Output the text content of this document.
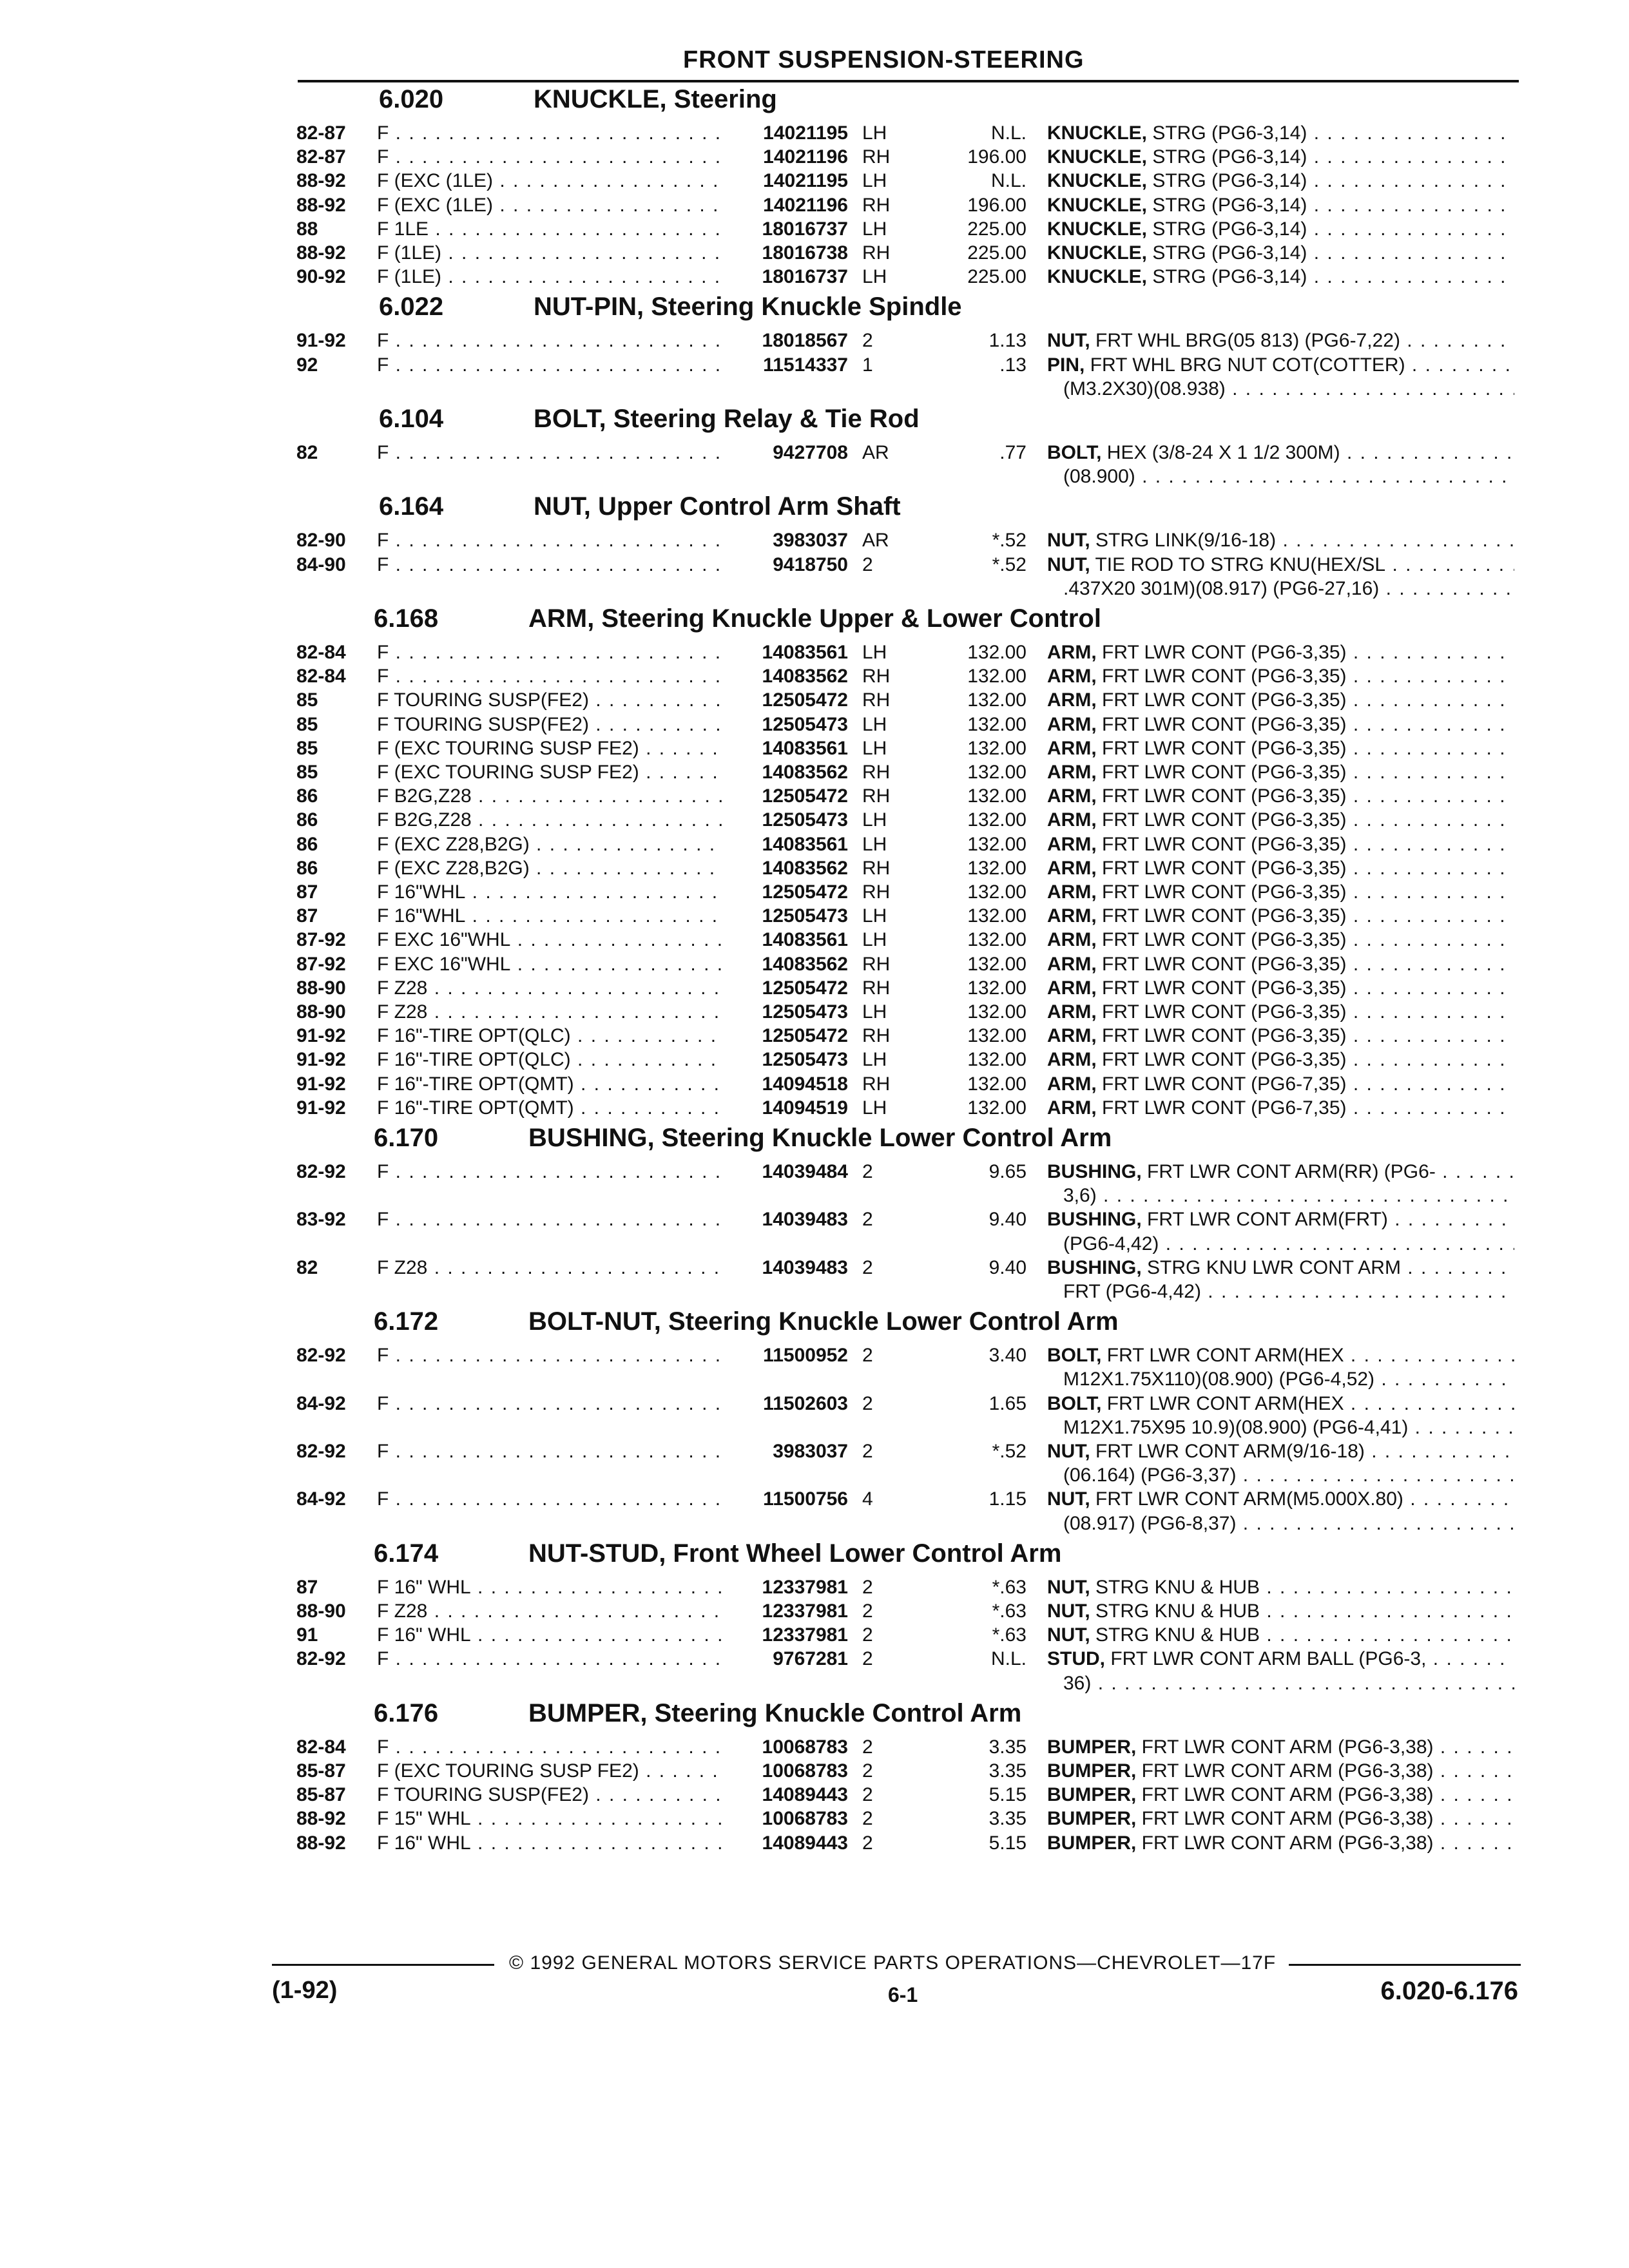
FRONT SUSPENSION-STEERING
6.020	KNUCKLE, Steering
82-87 F . . .	14021195 LH	N.L. KNUCKLE, STRG (PG6-3,14) . . .
82-87 F . . .	14021196 RH	196.00 KNUCKLE, STRG (PG6-3,14) . . .
88-92 F (EXC (1LE) . . .	14021195 LH	N.L. KNUCKLE, STRG (PG6-3,14) . . .
88-92 F (EXC (1LE) . . .	14021196 RH	196.00 KNUCKLE, STRG (PG6-3,14) . . .
88	F 1LE . . .	18016737 LH	225.00 KNUCKLE, STRG (PG6-3,14) . . .
88-92 F (1LE) . . .	18016738 RH	225.00 KNUCKLE, STRG (PG6-3,14) . . .
90-92 F (1LE) . . .	18016737 LH	225.00 KNUCKLE, STRG (PG6-3,14) . . .
6.022	NUT-PIN, Steering Knuckle Spindle
91-92 F . . .	18018567 2	1.13 NUT, FRT WHL BRG(05 813) (PG6-7,22) . . .
92	F . . .	11514337 1	.13 PIN, FRT WHL BRG NUT COT(COTTER) . . .
(M3.2X30)(08.938) . . .
6.104	BOLT, Steering Relay & Tie Rod
82	F . . .	9427708 AR	.77 BOLT, HEX (3/8-24 X 1 1/2 300M) . . .
(08.900) . . .
6.164	NUT, Upper Control Arm Shaft
82-90 F . . .	3983037 AR	*.52 NUT, STRG LINK(9/16-18) . . .
84-90 F . . .	9418750 2	*.52 NUT, TIE ROD TO STRG KNU(HEX/SL . . .
.437X20 301M)(08.917) (PG6-27,16) . . .
6.168	ARM, Steering Knuckle Upper & Lower Control
82-84 F . . .	14083561 LH	132.00 ARM, FRT LWR CONT (PG6-3,35) . . .
82-84 F . . .	14083562 RH	132.00 ARM, FRT LWR CONT (PG6-3,35) . . .
85	F TOURING SUSP(FE2) . . .	12505472 RH	132.00 ARM, FRT LWR CONT (PG6-3,35) . . .
85	F TOURING SUSP(FE2) . . .	12505473 LH	132.00 ARM, FRT LWR CONT (PG6-3,35) . . .
85	F (EXC TOURING SUSP FE2) . . .	14083561 LH	132.00 ARM, FRT LWR CONT (PG6-3,35) . . .
85	F (EXC TOURING SUSP FE2) . . .	14083562 RH	132.00 ARM, FRT LWR CONT (PG6-3,35) . . .
86	F B2G,Z28 . . .	12505472 RH	132.00 ARM, FRT LWR CONT (PG6-3,35) . . .
86	F B2G,Z28 . . .	12505473 LH	132.00 ARM, FRT LWR CONT (PG6-3,35) . . .
86	F (EXC Z28,B2G) . . .	14083561 LH	132.00 ARM, FRT LWR CONT (PG6-3,35) . . .
86	F (EXC Z28,B2G) . . .	14083562 RH	132.00 ARM, FRT LWR CONT (PG6-3,35) . . .
87	F 16"WHL . . .	12505472 RH	132.00 ARM, FRT LWR CONT (PG6-3,35) . . .
87	F 16"WHL . . .	12505473 LH	132.00 ARM, FRT LWR CONT (PG6-3,35) . . .
87-92 F EXC 16"WHL . . .	14083561 LH	132.00 ARM, FRT LWR CONT (PG6-3,35) . . .
87-92 F EXC 16"WHL . . .	14083562 RH	132.00 ARM, FRT LWR CONT (PG6-3,35) . . .
88-90 F Z28 . . .	12505472 RH	132.00 ARM, FRT LWR CONT (PG6-3,35) . . .
88-90 F Z28 . . .	12505473 LH	132.00 ARM, FRT LWR CONT (PG6-3,35) . . .
91-92 F 16"-TIRE OPT(QLC) . . .	12505472 RH	132.00 ARM, FRT LWR CONT (PG6-3,35) . . .
91-92 F 16"-TIRE OPT(QLC) . . .	12505473 LH	132.00 ARM, FRT LWR CONT (PG6-3,35) . . .
91-92 F 16"-TIRE OPT(QMT) . . .	14094518 RH	132.00 ARM, FRT LWR CONT (PG6-7,35) . . .
91-92 F 16"-TIRE OPT(QMT) . . .	14094519 LH	132.00 ARM, FRT LWR CONT (PG6-7,35) . . .
6.170	BUSHING, Steering Knuckle Lower Control Arm
82-92 F . . .	14039484 2	9.65 BUSHING, FRT LWR CONT ARM(RR) (PG6- . . .
3,6) . . .
83-92 F . . .	14039483 2	9.40 BUSHING, FRT LWR CONT ARM(FRT) . . .
(PG6-4,42) . . .
82	F Z28 . . .	14039483 2	9.40 BUSHING, STRG KNU LWR CONT ARM . . .
FRT (PG6-4,42) . . .
6.172	BOLT-NUT, Steering Knuckle Lower Control Arm
82-92 F . . .	11500952 2	3.40 BOLT, FRT LWR CONT ARM(HEX . . .
M12X1.75X110)(08.900) (PG6-4,52) . . .
84-92 F . . .	11502603 2	1.65 BOLT, FRT LWR CONT ARM(HEX . . .
M12X1.75X95 10.9)(08.900) (PG6-4,41) . . .
82-92 F . . .	3983037 2	*.52 NUT, FRT LWR CONT ARM(9/16-18) . . .
(06.164) (PG6-3,37) . . .
84-92 F . . .	11500756 4	1.15 NUT, FRT LWR CONT ARM(M5.000X.80) . . .
(08.917) (PG6-8,37) . . .
6.174	NUT-STUD, Front Wheel Lower Control Arm
87	F 16" WHL . . .	12337981 2	*.63 NUT, STRG KNU & HUB . . .
88-90 F Z28 . . .	12337981 2	*.63 NUT, STRG KNU & HUB . . .
91	F 16" WHL . . .	12337981 2	*.63 NUT, STRG KNU & HUB . . .
82-92 F . . .	9767281 2	N.L. STUD, FRT LWR CONT ARM BALL (PG6-3, . . .
36) . . .
6.176	BUMPER, Steering Knuckle Control Arm
82-84 F . . .	10068783 2	3.35 BUMPER, FRT LWR CONT ARM (PG6-3,38) . . .
85-87 F (EXC TOURING SUSP FE2) . . .	10068783 2	3.35 BUMPER, FRT LWR CONT ARM (PG6-3,38) . . .
85-87 F TOURING SUSP(FE2) . . .	14089443 2	5.15 BUMPER, FRT LWR CONT ARM (PG6-3,38) . . .
88-92 F 15" WHL . . .	10068783 2	3.35 BUMPER, FRT LWR CONT ARM (PG6-3,38) . . .
88-92 F 16" WHL . . .	14089443 2	5.15 BUMPER, FRT LWR CONT ARM (PG6-3,38) . . .
© 1992 GENERAL MOTORS SERVICE PARTS OPERATIONS—CHEVROLET—17F
(1-92)	6-1	6.020-6.176
